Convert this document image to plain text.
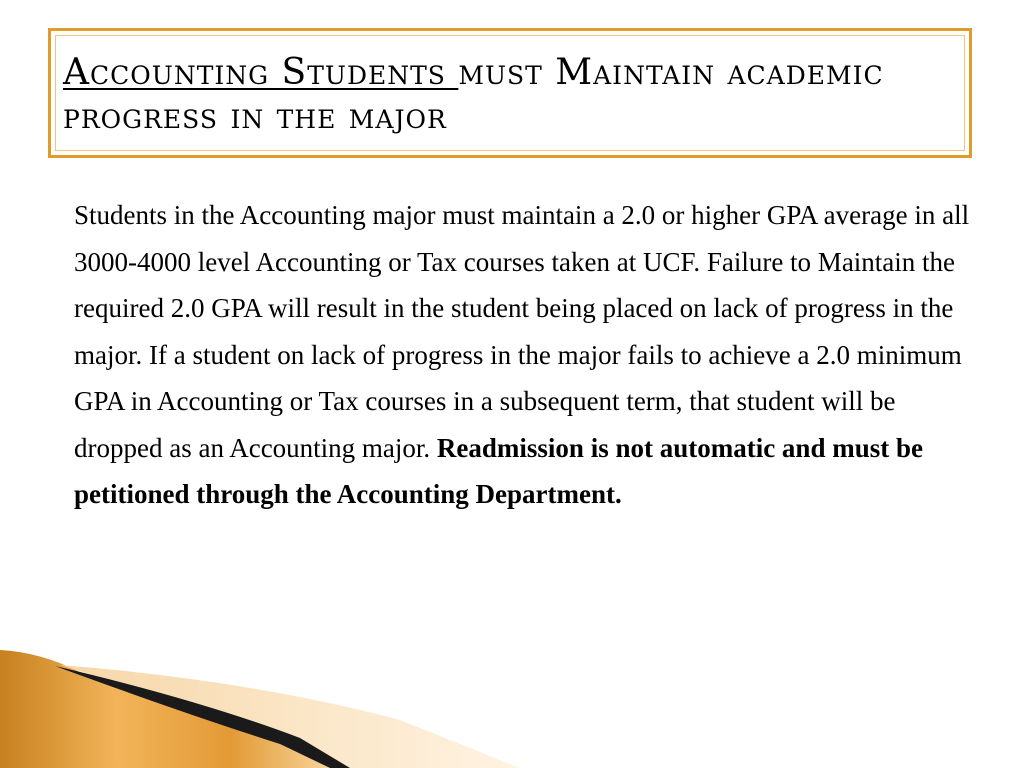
Accounting Students must Maintain academic progress in the major

Students in the Accounting major must maintain a 2.0 or higher GPA average in all 3000-4000 level Accounting or Tax courses taken at UCF. Failure to Maintain the required 2.0 GPA will result in the student being placed on lack of progress in the major. If a student on lack of progress in the major fails to achieve a 2.0 minimum GPA in Accounting or Tax courses in a subsequent term, that student will be dropped as an Accounting major. Readmission is not automatic and must be petitioned through the Accounting Department.
